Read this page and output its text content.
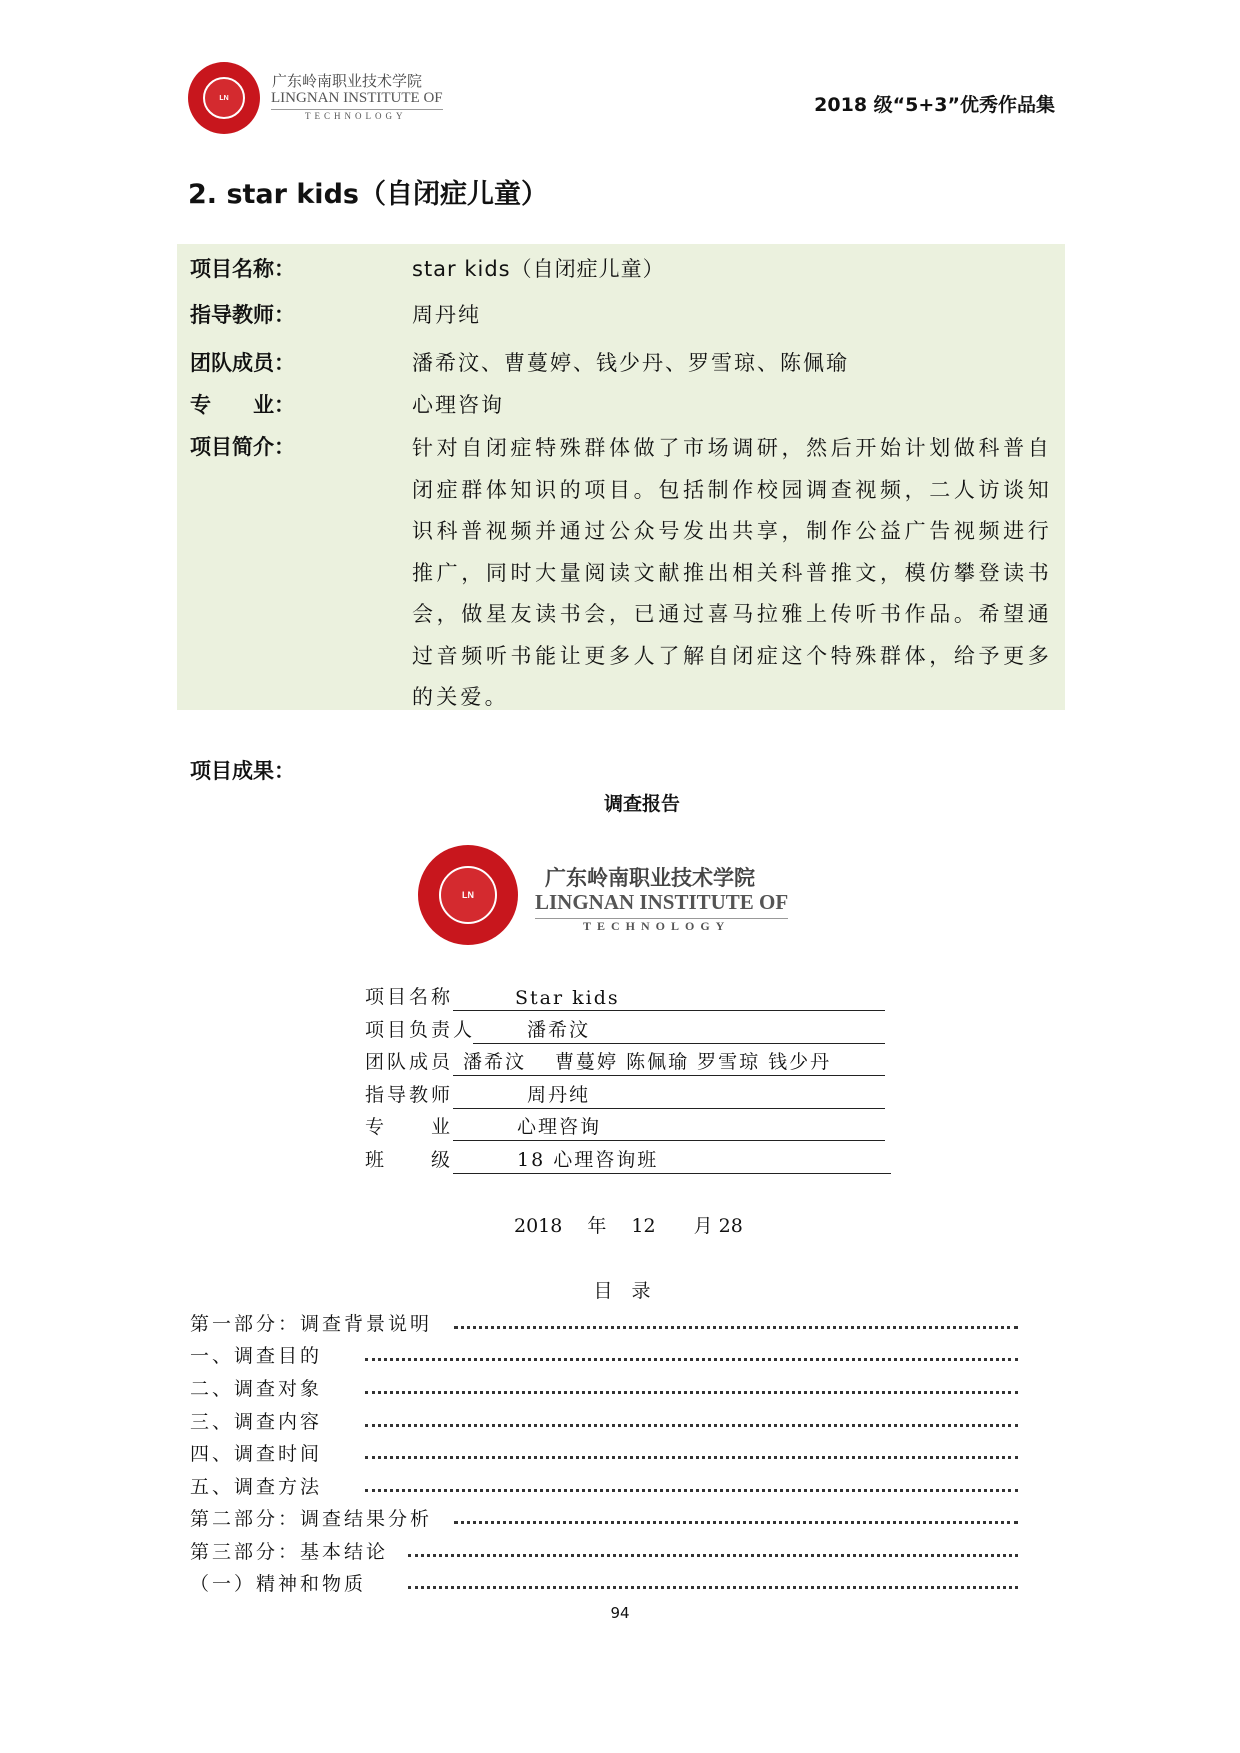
LN
广东岭南职业技术学院
LINGNAN INSTITUTE OF
TECHNOLOGY	2018 级“5+3”优秀作品集
2. star kids（自闭症儿童）
项目名称：	star kids（自闭症儿童）
指导教师：	周丹纯
团队成员：	潘希汶、曹蔓婷、钱少丹、罗雪琼、陈佩瑜
专　　业：	心理咨询
项目简介：	针对自闭症特殊群体做了市场调研，然后开始计划做科普自闭症群体知识的项目。包括制作校园调查视频，二人访谈知识科普视频并通过公众号发出共享，制作公益广告视频进行推广，同时大量阅读文献推出相关科普推文，模仿攀登读书会，做星友读书会，已通过喜马拉雅上传听书作品。希望通过音频听书能让更多人了解自闭症这个特殊群体，给予更多的关爱。
项目成果：
调查报告
LN
广东岭南职业技术学院
LINGNAN INSTITUTE OF
TECHNOLOGY
项目名称	Star kids
项目负责人	潘希汶
团队成员 潘希汶　 曹蔓婷 陈佩瑜 罗雪琼 钱少丹
指导教师	周丹纯
专　　业	心理咨询
班　　级	18 心理咨询班
2018　 年　 12　　月 28
目　录
第一部分：调查背景说明
一、调查目的
二、调查对象
三、调查内容
四、调查时间
五、调查方法
第二部分：调查结果分析
第三部分：基本结论
（一）精神和物质
94
